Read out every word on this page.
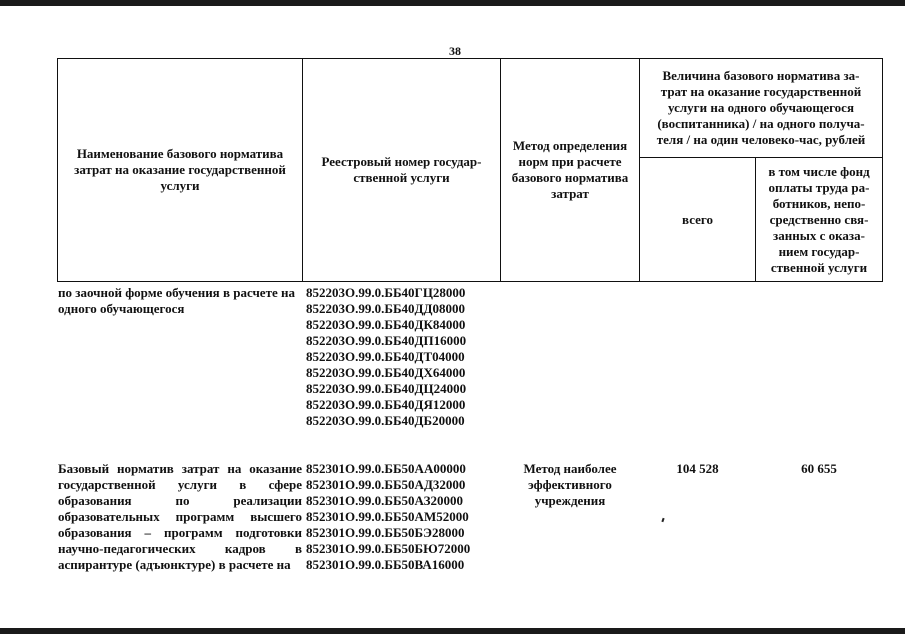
38
Наименование базового норматива
затрат на оказание государственной
услуги
Реестровый номер государ-
ственной услуги
Метод определения
норм при расчете
базового норматива
затрат
Величина базового норматива за-
трат на оказание государственной
услуги на одного обучающегося
(воспитанника) / на одного получа-
теля / на один человеко-час, рублей
всего
в том числе фонд
оплаты труда ра-
ботников, непо-
средственно свя-
занных с оказа-
нием государ-
ственной услуги
по заочной форме обучения в расчете на одного обучающегося
852203О.99.0.ББ40ГЦ28000
852203О.99.0.ББ40ДД08000
852203О.99.0.ББ40ДК84000
852203О.99.0.ББ40ДП16000
852203О.99.0.ББ40ДТ04000
852203О.99.0.ББ40ДХ64000
852203О.99.0.ББ40ДЦ24000
852203О.99.0.ББ40ДЯ12000
852203О.99.0.ББ40ДБ20000
Базовый норматив затрат на оказание государственной услуги в сфере образования по реализации образовательных программ высшего образования – программ подготовки научно-педагогических кадров в аспирантуре (адъюнктуре) в расчете на
852301О.99.0.ББ50АА00000
852301О.99.0.ББ50АД32000
852301О.99.0.ББ50АЗ20000
852301О.99.0.ББ50АМ52000
852301О.99.0.ББ50БЭ28000
852301О.99.0.ББ50БЮ72000
852301О.99.0.ББ50ВА16000
Метод наиболее
эффективного
учреждения
104 528	60 655
